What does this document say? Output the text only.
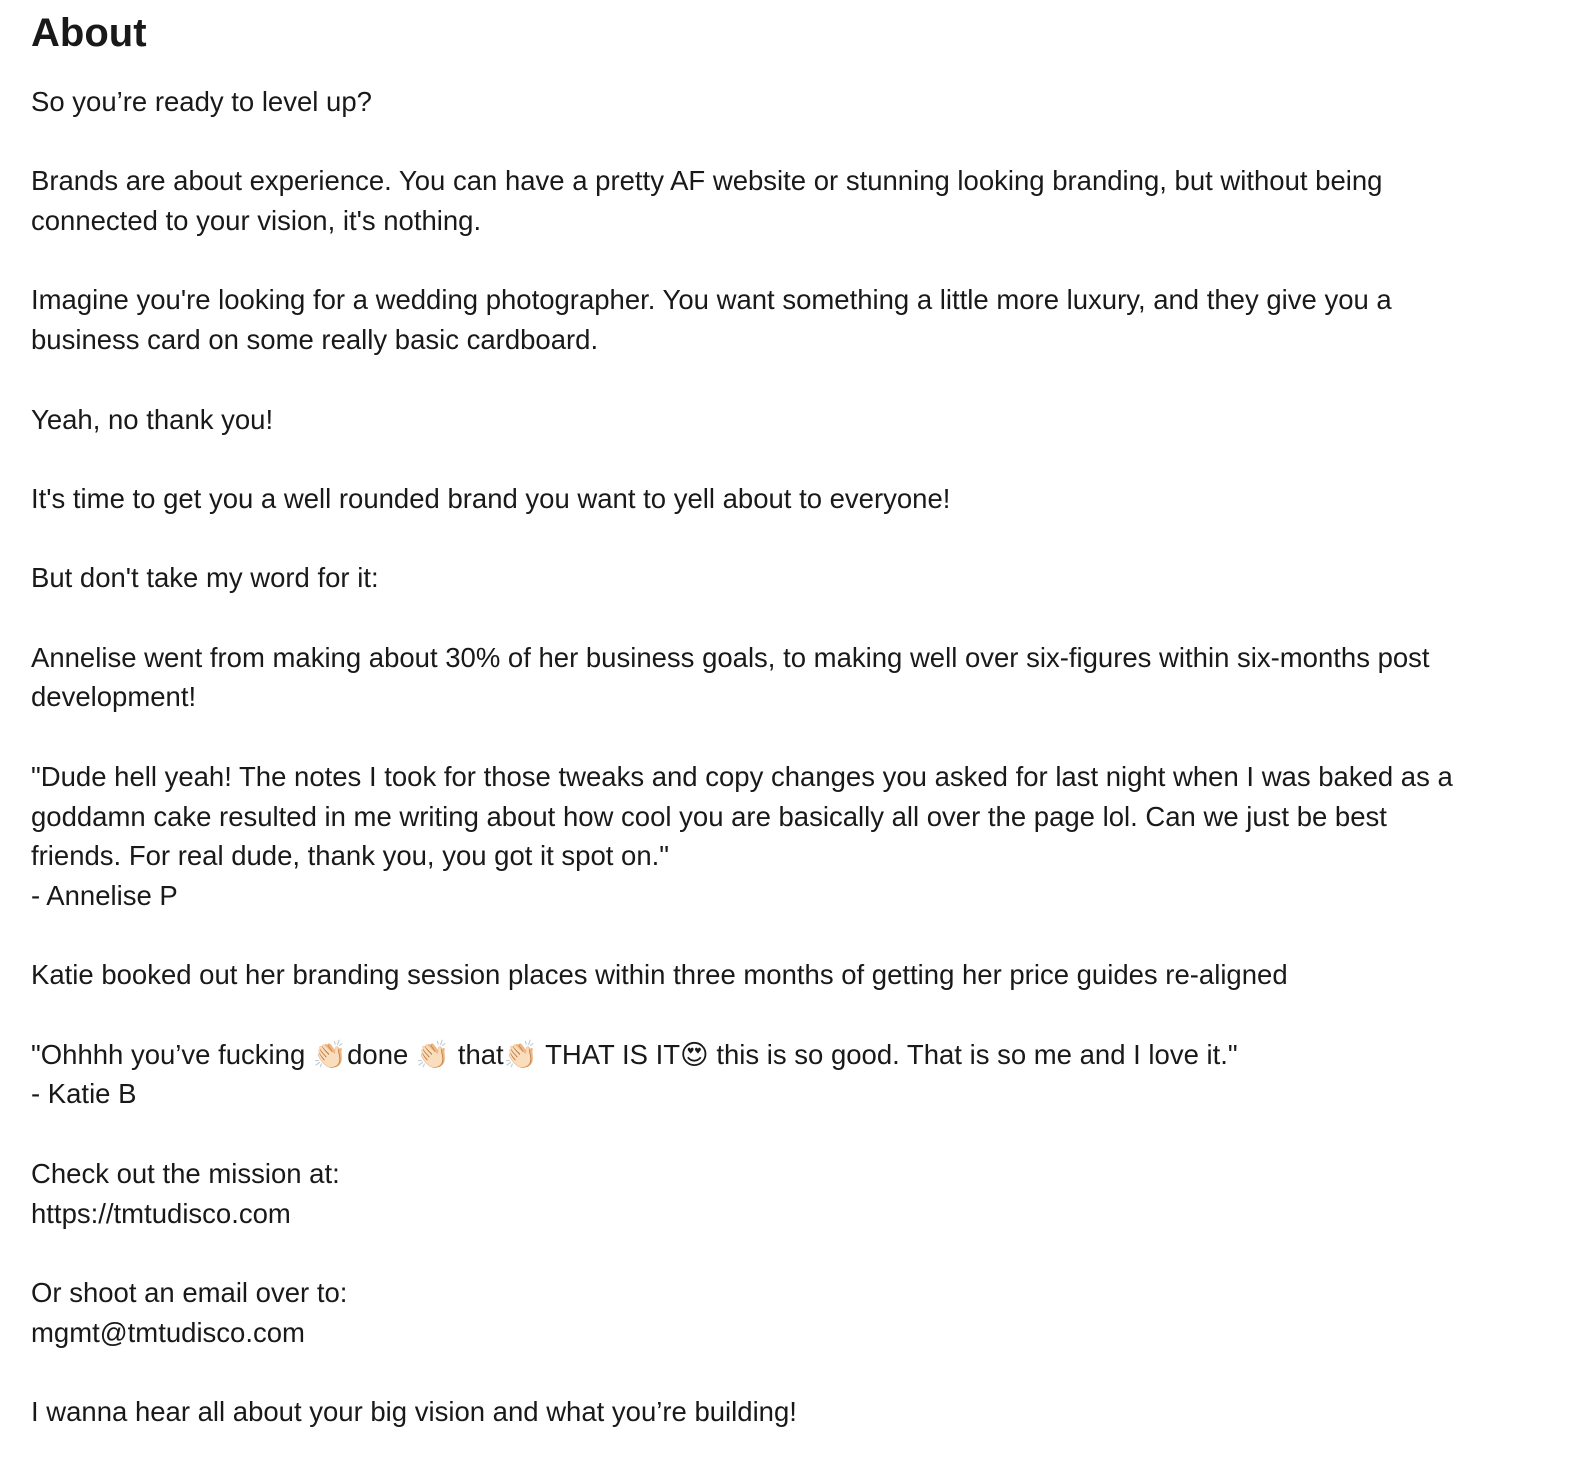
About
So you’re ready to level up?
Brands are about experience. You can have a pretty AF website or stunning looking branding, but without being
connected to your vision, it's nothing.
Imagine you're looking for a wedding photographer. You want something a little more luxury, and they give you a
business card on some really basic cardboard.
Yeah, no thank you!
It's time to get you a well rounded brand you want to yell about to everyone!
But don't take my word for it:
Annelise went from making about 30% of her business goals, to making well over six-figures within six-months post
development!
"Dude hell yeah! The notes I took for those tweaks and copy changes you asked for last night when I was baked as a
goddamn cake resulted in me writing about how cool you are basically all over the page lol. Can we just be best
friends. For real dude, thank you, you got it spot on."
- Annelise P
Katie booked out her branding session places within three months of getting her price guides re-aligned
"Ohhhh you’ve fucking 👏🏻done 👏🏻 that👏🏻 THAT IS IT😍 this is so good. That is so me and I love it."
- Katie B
Check out the mission at:
https://tmtudisco.com
Or shoot an email over to:
mgmt@tmtudisco.com
I wanna hear all about your big vision and what you’re building!
